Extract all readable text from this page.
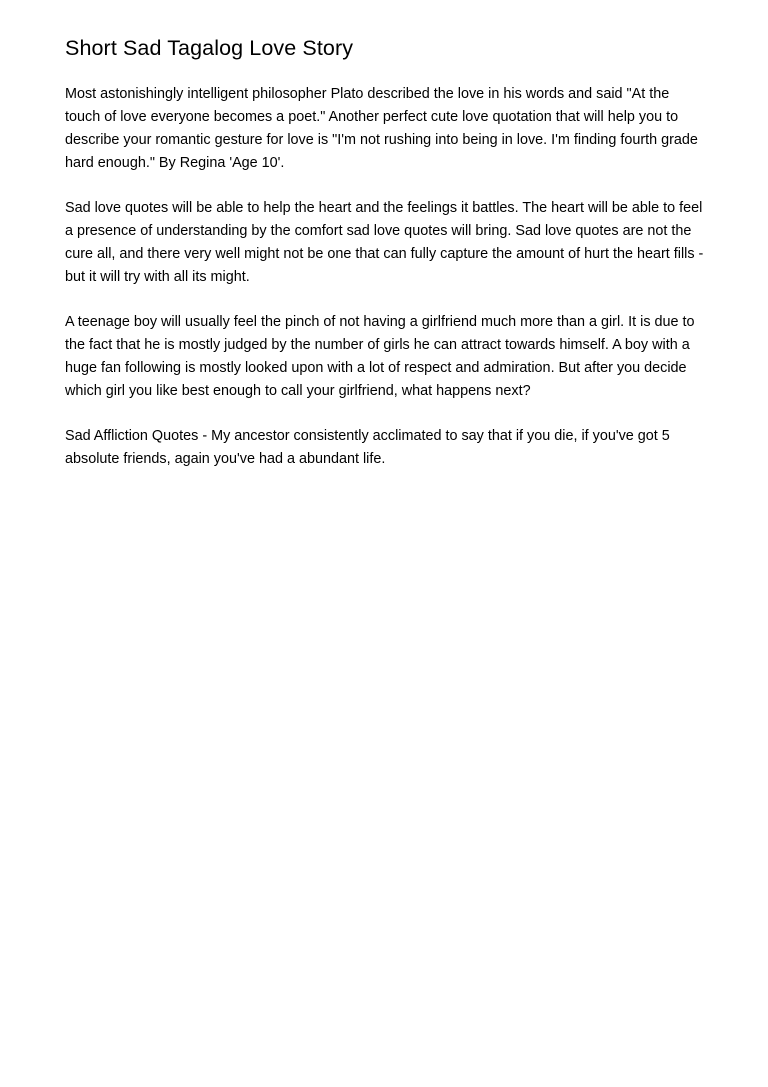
Short Sad Tagalog Love Story

Most astonishingly intelligent philosopher Plato described the love in his words and said "At the touch of love everyone becomes a poet." Another perfect cute love quotation that will help you to describe your romantic gesture for love is "I'm not rushing into being in love. I'm finding fourth grade hard enough." By Regina 'Age 10'.

Sad love quotes will be able to help the heart and the feelings it battles. The heart will be able to feel a presence of understanding by the comfort sad love quotes will bring. Sad love quotes are not the cure all, and there very well might not be one that can fully capture the amount of hurt the heart fills - but it will try with all its might.

A teenage boy will usually feel the pinch of not having a girlfriend much more than a girl. It is due to the fact that he is mostly judged by the number of girls he can attract towards himself. A boy with a huge fan following is mostly looked upon with a lot of respect and admiration. But after you decide which girl you like best enough to call your girlfriend, what happens next?

Sad Affliction Quotes - My ancestor consistently acclimated to say that if you die, if you've got 5 absolute friends, again you've had a abundant life.
